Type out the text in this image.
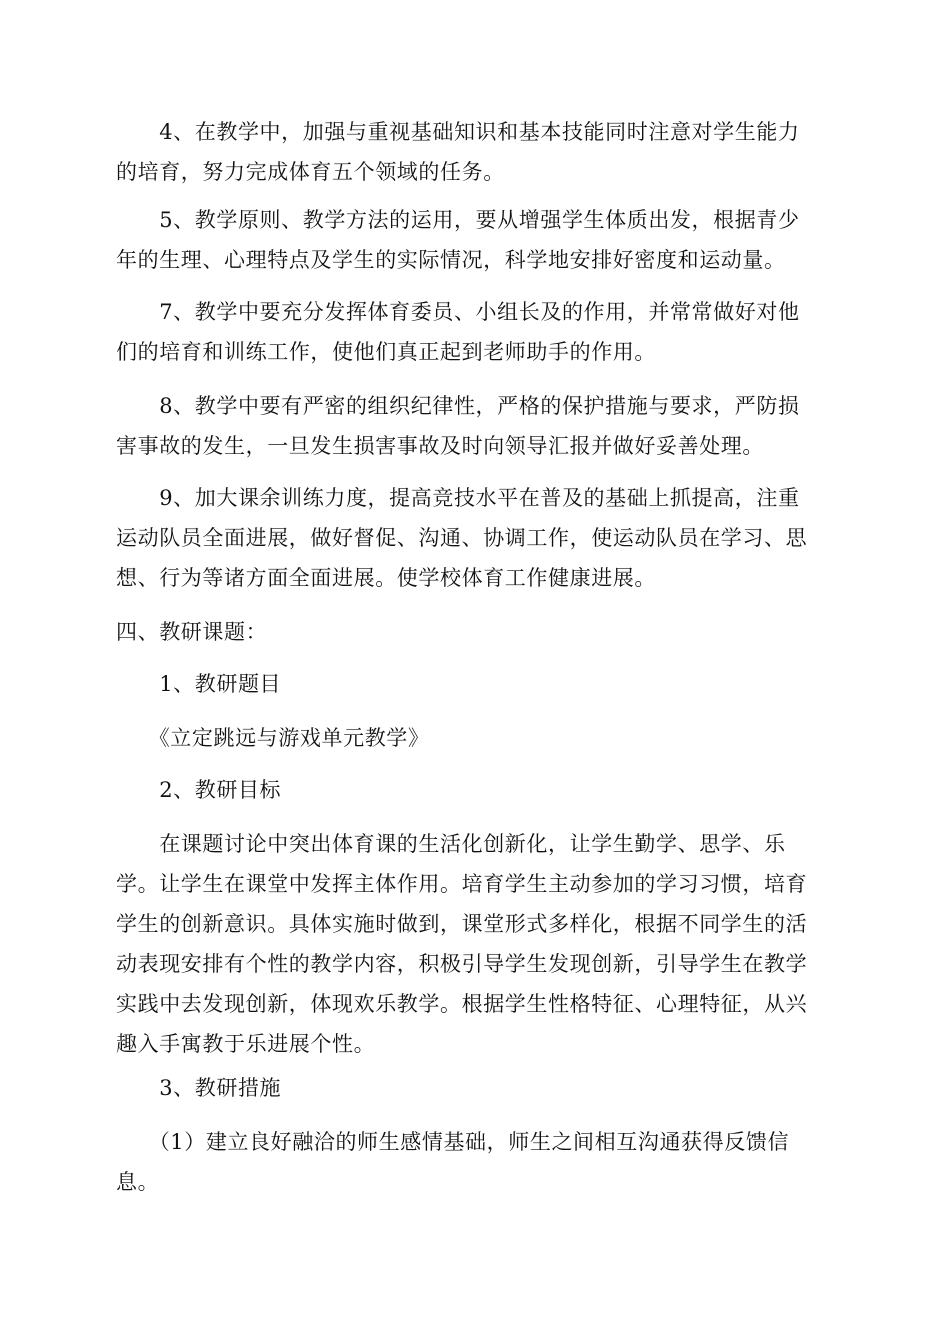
　　4、在教学中，加强与重视基础知识和基本技能同时注意对学生能力
的培育，努力完成体育五个领域的任务。

　　5、教学原则、教学方法的运用，要从增强学生体质出发，根据青少
年的生理、心理特点及学生的实际情况，科学地安排好密度和运动量。

　　7、教学中要充分发挥体育委员、小组长及的作用，并常常做好对他
们的培育和训练工作，使他们真正起到老师助手的作用。

　　8、教学中要有严密的组织纪律性，严格的保护措施与要求，严防损
害事故的发生，一旦发生损害事故及时向领导汇报并做好妥善处理。

　　9、加大课余训练力度，提高竞技水平在普及的基础上抓提高，注重
运动队员全面进展，做好督促、沟通、协调工作，使运动队员在学习、思
想、行为等诸方面全面进展。使学校体育工作健康进展。

四、教研课题：

　　1、教研题目

　　《立定跳远与游戏单元教学》

　　2、教研目标

　　在课题讨论中突出体育课的生活化创新化，让学生勤学、思学、乐
学。让学生在课堂中发挥主体作用。培育学生主动参加的学习习惯，培育
学生的创新意识。具体实施时做到，课堂形式多样化，根据不同学生的活
动表现安排有个性的教学内容，积极引导学生发现创新，引导学生在教学
实践中去发现创新，体现欢乐教学。根据学生性格特征、心理特征，从兴
趣入手寓教于乐进展个性。

　　3、教研措施

　　（1）建立良好融洽的师生感情基础，师生之间相互沟通获得反馈信
息。
